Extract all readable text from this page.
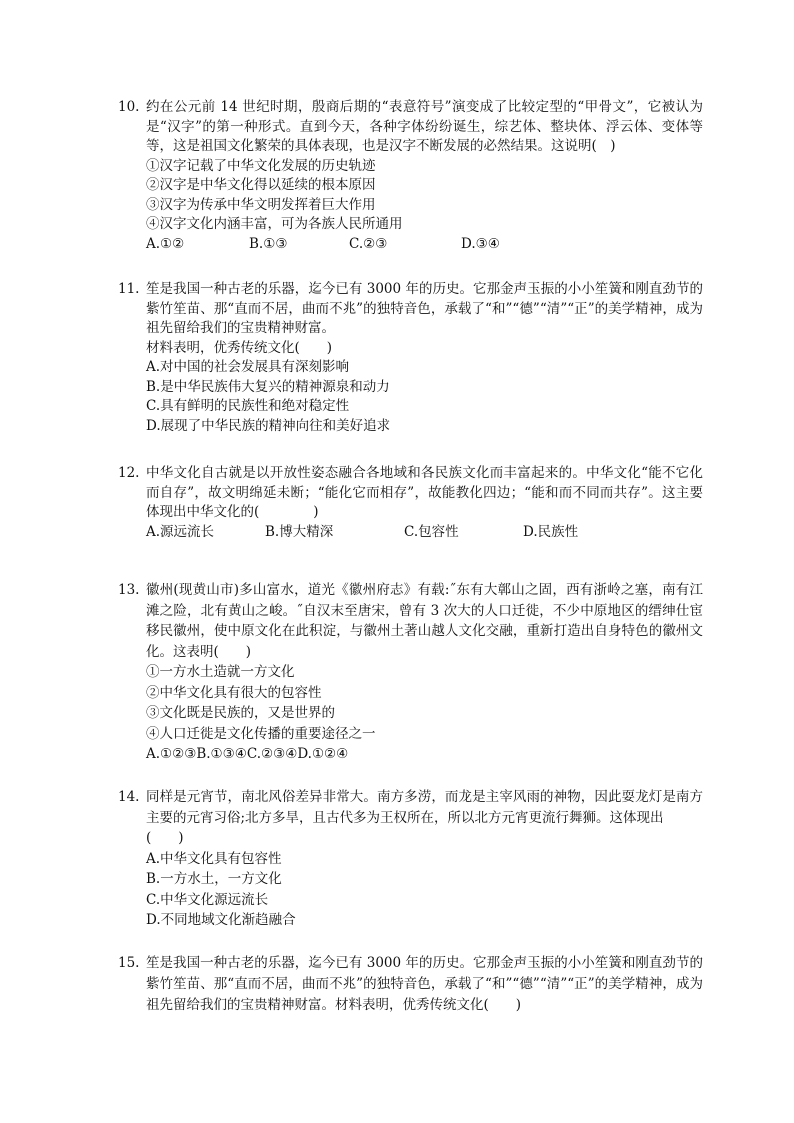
10. 约在公元前 14 世纪时期，殷商后期的“表意符号”演变成了比较定型的“甲骨文”，它被认为是“汉字”的第一种形式。直到今天，各种字体纷纷诞生，综艺体、整块体、浮云体、变体等等，这是祖国文化繁荣的具体表现，也是汉字不断发展的必然结果。这说明(　)
①汉字记载了中华文化发展的历史轨迹
②汉字是中华文化得以延续的根本原因
③汉字为传承中华文明发挥着巨大作用
④汉字文化内涵丰富，可为各族人民所通用
A.①②	B.①③	C.②③	D.③④
11. 笙是我国一种古老的乐器，迄今已有 3000 年的历史。它那金声玉振的小小笙簧和刚直劲节的紫竹笙苗、那“直而不居，曲而不兆”的独特音色，承载了“和”“德”“清”“正”的美学精神，成为祖先留给我们的宝贵精神财富。
材料表明，优秀传统文化(　　)
A.对中国的社会发展具有深刻影响
B.是中华民族伟大复兴的精神源泉和动力
C.具有鲜明的民族性和绝对稳定性
D.展现了中华民族的精神向往和美好追求
12. 中华文化自古就是以开放性姿态融合各地域和各民族文化而丰富起来的。中华文化“能不它化而自存”，故文明绵延未断；“能化它而相存”，故能教化四边；“能和而不同而共存”。这主要体现出中华文化的(　　　　)
A.源远流长	B.博大精深	C.包容性	D.民族性
13. 徽州(现黄山市)多山富水，道光《徽州府志》有载:˝东有大鄣山之固，西有浙岭之塞，南有江滩之险，北有黄山之峻。˝自汉末至唐宋，曾有 3 次大的人口迁徙，不少中原地区的缙绅仕宦移民徽州，使中原文化在此积淀，与徽州土著山越人文化交融，重新打造出自身特色的徽州文化。这表明(　　)
①一方水土造就一方文化
②中华文化具有很大的包容性
③文化既是民族的，又是世界的
④人口迁徙是文化传播的重要途径之一
A.①②③B.①③④C.②③④D.①②④
14. 同样是元宵节，南北风俗差异非常大。南方多涝，而龙是主宰风雨的神物，因此耍龙灯是南方主要的元宵习俗;北方多旱，且古代多为王权所在，所以北方元宵更流行舞狮。这体现出
(　　)
A.中华文化具有包容性
B.一方水土，一方文化
C.中华文化源远流长
D.不同地域文化渐趋融合
15. 笙是我国一种古老的乐器，迄今已有 3000 年的历史。它那金声玉振的小小笙簧和刚直劲节的紫竹笙苗、那“直而不居，曲而不兆”的独特音色，承载了“和”“德”“清”“正”的美学精神，成为祖先留给我们的宝贵精神财富。材料表明，优秀传统文化(　　)
